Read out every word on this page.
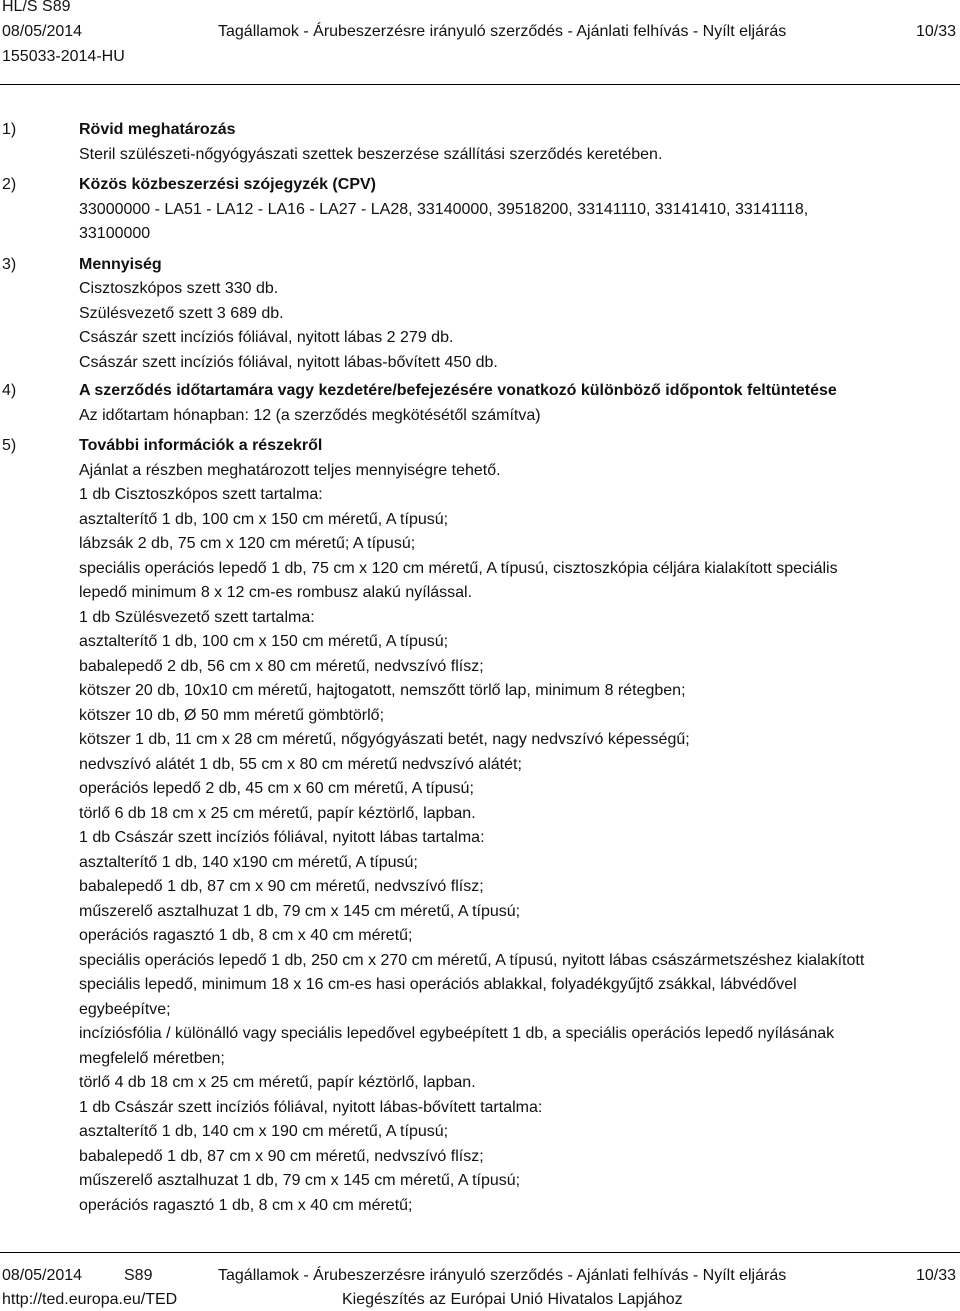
HL/S S89
08/05/2014
155033-2014-HU
Tagállamok - Árubeszerzésre irányuló szerződés - Ajánlati felhívás - Nyílt eljárás	10/33
1)	Rövid meghatározás
Steril szülészeti-nőgyógyászati szettek beszerzése szállítási szerződés keretében.
2)	Közös közbeszerzési szójegyzék (CPV)
33000000 - LA51 - LA12 - LA16 - LA27 - LA28, 33140000, 39518200, 33141110, 33141410, 33141118,
33100000
3)	Mennyiség
Cisztoszkópos szett 330 db.
Szülésvezető szett 3 689 db.
Császár szett incíziós fóliával, nyitott lábas 2 279 db.
Császár szett incíziós fóliával, nyitott lábas-bővített 450 db.
4)	A szerződés időtartamára vagy kezdetére/befejezésére vonatkozó különböző időpontok feltüntetése
Az időtartam hónapban: 12 (a szerződés megkötésétől számítva)
5)	További információk a részekről
Ajánlat a részben meghatározott teljes mennyiségre tehető.
1 db Cisztoszkópos szett tartalma:
asztalterítő 1 db, 100 cm x 150 cm méretű, A típusú;
lábzsák 2 db, 75 cm x 120 cm méretű; A típusú;
speciális operációs lepedő 1 db, 75 cm x 120 cm méretű, A típusú, cisztoszkópia céljára kialakított speciális
lepedő minimum 8 x 12 cm-es rombusz alakú nyílással.
1 db Szülésvezető szett tartalma:
asztalterítő 1 db, 100 cm x 150 cm méretű, A típusú;
babalepedő 2 db, 56 cm x 80 cm méretű, nedvszívó flísz;
kötszer 20 db, 10x10 cm méretű, hajtogatott, nemszőtt törlő lap, minimum 8 rétegben;
kötszer 10 db, Ø 50 mm méretű gömbtörlő;
kötszer 1 db, 11 cm x 28 cm méretű, nőgyógyászati betét, nagy nedvszívó képességű;
nedvszívó alátét 1 db, 55 cm x 80 cm méretű nedvszívó alátét;
operációs lepedő 2 db, 45 cm x 60 cm méretű, A típusú;
törlő 6 db 18 cm x 25 cm méretű, papír kéztörlő, lapban.
1 db Császár szett incíziós fóliával, nyitott lábas tartalma:
asztalterítő 1 db, 140 x190 cm méretű, A típusú;
babalepedő 1 db, 87 cm x 90 cm méretű, nedvszívó flísz;
műszerelő asztalhuzat 1 db, 79 cm x 145 cm méretű, A típusú;
operációs ragasztó 1 db, 8 cm x 40 cm méretű;
speciális operációs lepedő 1 db, 250 cm x 270 cm méretű, A típusú, nyitott lábas császármetszéshez kialakított
speciális lepedő, minimum 18 x 16 cm-es hasi operációs ablakkal, folyadékgyűjtő zsákkal, lábvédővel
egybeépítve;
incíziósfólia / különálló vagy speciális lepedővel egybeépített 1 db, a speciális operációs lepedő nyílásának
megfelelő méretben;
törlő 4 db 18 cm x 25 cm méretű, papír kéztörlő, lapban.
1 db Császár szett incíziós fóliával, nyitott lábas-bővített tartalma:
asztalterítő 1 db, 140 cm x 190 cm méretű, A típusú;
babalepedő 1 db, 87 cm x 90 cm méretű, nedvszívó flísz;
műszerelő asztalhuzat 1 db, 79 cm x 145 cm méretű, A típusú;
operációs ragasztó 1 db, 8 cm x 40 cm méretű;
08/05/2014	S89	Tagállamok - Árubeszerzésre irányuló szerződés - Ajánlati felhívás - Nyílt eljárás	10/33
http://ted.europa.eu/TED	Kiegészítés az Európai Unió Hivatalos Lapjához
